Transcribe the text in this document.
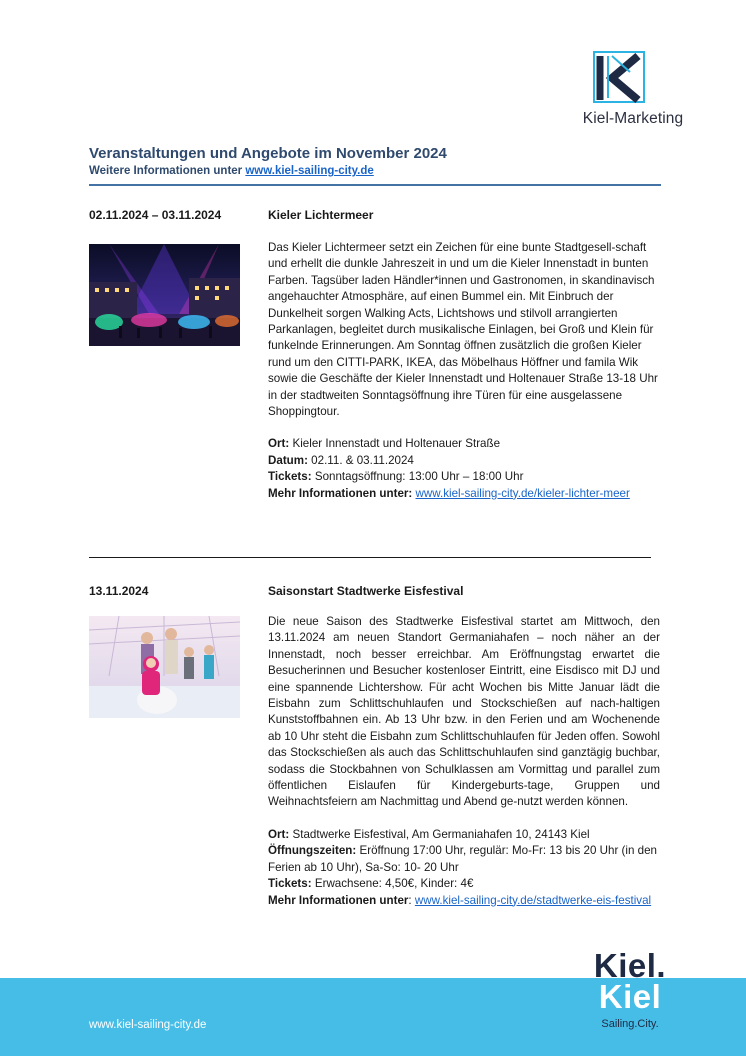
Kiel-Marketing
Veranstaltungen und Angebote im November 2024
Weitere Informationen unter www.kiel-sailing-city.de
02.11.2024 – 03.11.2024	Kieler Lichtermeer

Das Kieler Lichtermeer setzt ein Zeichen für eine bunte Stadtgesell-schaft und erhellt die dunkle Jahreszeit in und um die Kieler Innenstadt in bunten Farben. Tagsüber laden Händler*innen und Gastronomen, in skandinavisch angehauchter Atmosphäre, auf einen Bummel ein. Mit Einbruch der Dunkelheit sorgen Walking Acts, Lichtshows und stilvoll arrangierten Parkanlagen, begleitet durch musikalische Einlagen, bei Groß und Klein für funkelnde Erinnerungen. Am Sonntag öffnen zusätzlich die großen Kieler rund um den CITTI-PARK, IKEA, das Möbelhaus Höffner und famila Wik sowie die Geschäfte der Kieler Innenstadt und Holtenauer Straße 13-18 Uhr in der stadtweiten Sonntagsöffnung ihre Türen für eine ausgelassene Shoppingtour.

Ort: Kieler Innenstadt und Holtenauer Straße
Datum: 02.11. & 03.11.2024
Tickets: Sonntagsöffnung: 13:00 Uhr – 18:00 Uhr
Mehr Informationen unter: www.kiel-sailing-city.de/kieler-lichter-meer
13.11.2024	Saisonstart Stadtwerke Eisfestival

Die neue Saison des Stadtwerke Eisfestival startet am Mittwoch, den 13.11.2024 am neuen Standort Germaniahafen – noch näher an der Innenstadt, noch besser erreichbar. Am Eröffnungstag erwartet die Besucherinnen und Besucher kostenloser Eintritt, eine Eisdisco mit DJ und eine spannende Lichtershow. Für acht Wochen bis Mitte Januar lädt die Eisbahn zum Schlittschuhlaufen und Stockschießen auf nach-haltigen Kunststoffbahnen ein. Ab 13 Uhr bzw. in den Ferien und am Wochenende ab 10 Uhr steht die Eisbahn zum Schlittschuhlaufen für Jeden offen. Sowohl das Stockschießen als auch das Schlittschuhlaufen sind ganztägig buchbar, sodass die Stockbahnen von Schulklassen am Vormittag und parallel zum öffentlichen Eislaufen für Kindergeburts-tage, Gruppen und Weihnachtsfeiern am Nachmittag und Abend ge-nutzt werden können.

Ort: Stadtwerke Eisfestival, Am Germaniahafen 10, 24143 Kiel
Öffnungszeiten: Eröffnung 17:00 Uhr, regulär: Mo-Fr: 13 bis 20 Uhr (in den Ferien ab 10 Uhr), Sa-So: 10- 20 Uhr
Tickets: Erwachsene: 4,50€, Kinder: 4€
Mehr Informationen unter: www.kiel-sailing-city.de/stadtwerke-eis-festival
www.kiel-sailing-city.de
Kiel.
Kiel
Sailing.City.
